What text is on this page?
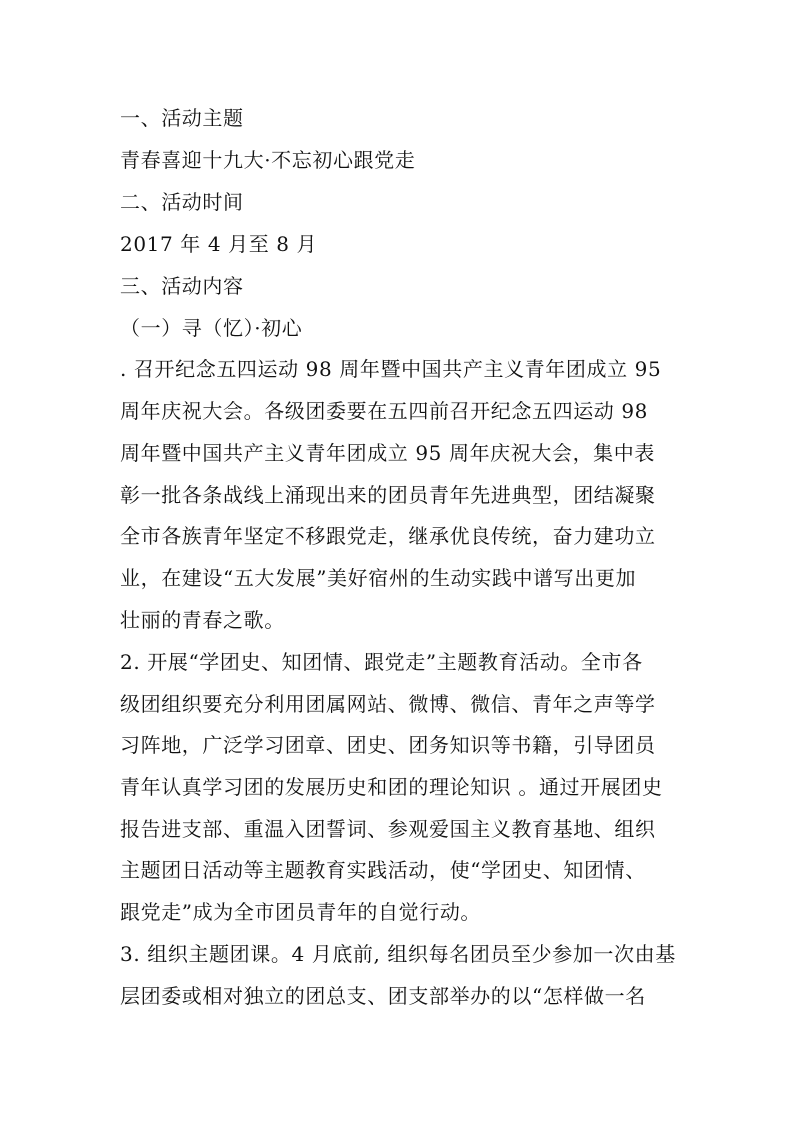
一、活动主题
青春喜迎十九大·不忘初心跟党走
二、活动时间
2017 年 4 月至 8 月
三、活动内容
（一）寻（忆）·初心
. 召开纪念五四运动 98 周年暨中国共产主义青年团成立 95
周年庆祝大会。各级团委要在五四前召开纪念五四运动 98
周年暨中国共产主义青年团成立 95 周年庆祝大会，集中表
彰一批各条战线上涌现出来的团员青年先进典型，团结凝聚
全市各族青年坚定不移跟党走，继承优良传统，奋力建功立
业，在建设“五大发展”美好宿州的生动实践中谱写出更加
壮丽的青春之歌。
2. 开展“学团史、知团情、跟党走”主题教育活动。全市各
级团组织要充分利用团属网站、微博、微信、青年之声等学
习阵地，广泛学习团章、团史、团务知识等书籍，引导团员
青年认真学习团的发展历史和团的理论知识 。通过开展团史
报告进支部、重温入团誓词、参观爱国主义教育基地、组织
主题团日活动等主题教育实践活动，使“学团史、知团情、
跟党走”成为全市团员青年的自觉行动。
3. 组织主题团课。4 月底前, 组织每名团员至少参加一次由基
层团委或相对独立的团总支、团支部举办的以“怎样做一名
